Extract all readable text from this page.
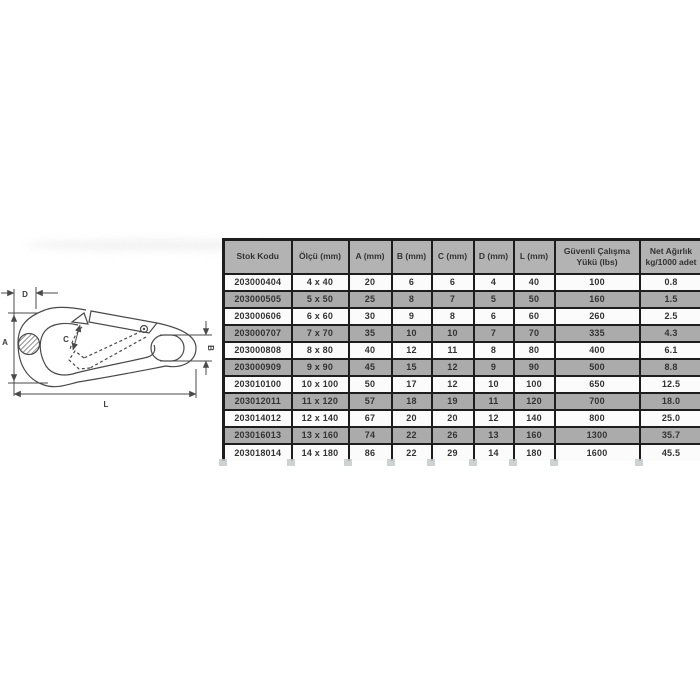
D
A	C
B
L
Stok Kodu	Ölçü (mm)	A (mm)	B (mm)	C (mm)	D (mm)	L (mm)	Güvenli Çalışma Yükü (lbs)	Net Ağırlık kg/1000 adet
203000404	4 x 40	20	6	6	4	40	100	0.8
203000505	5 x 50	25	8	7	5	50	160	1.5
203000606	6 x 60	30	9	8	6	60	260	2.5
203000707	7 x 70	35	10	10	7	70	335	4.3
203000808	8 x 80	40	12	11	8	80	400	6.1
203000909	9 x 90	45	15	12	9	90	500	8.8
203010100	10 x 100	50	17	12	10	100	650	12.5
203012011	11 x 120	57	18	19	11	120	700	18.0
203014012	12 x 140	67	20	20	12	140	800	25.0
203016013	13 x 160	74	22	26	13	160	1300	35.7
203018014	14 x 180	86	22	29	14	180	1600	45.5
